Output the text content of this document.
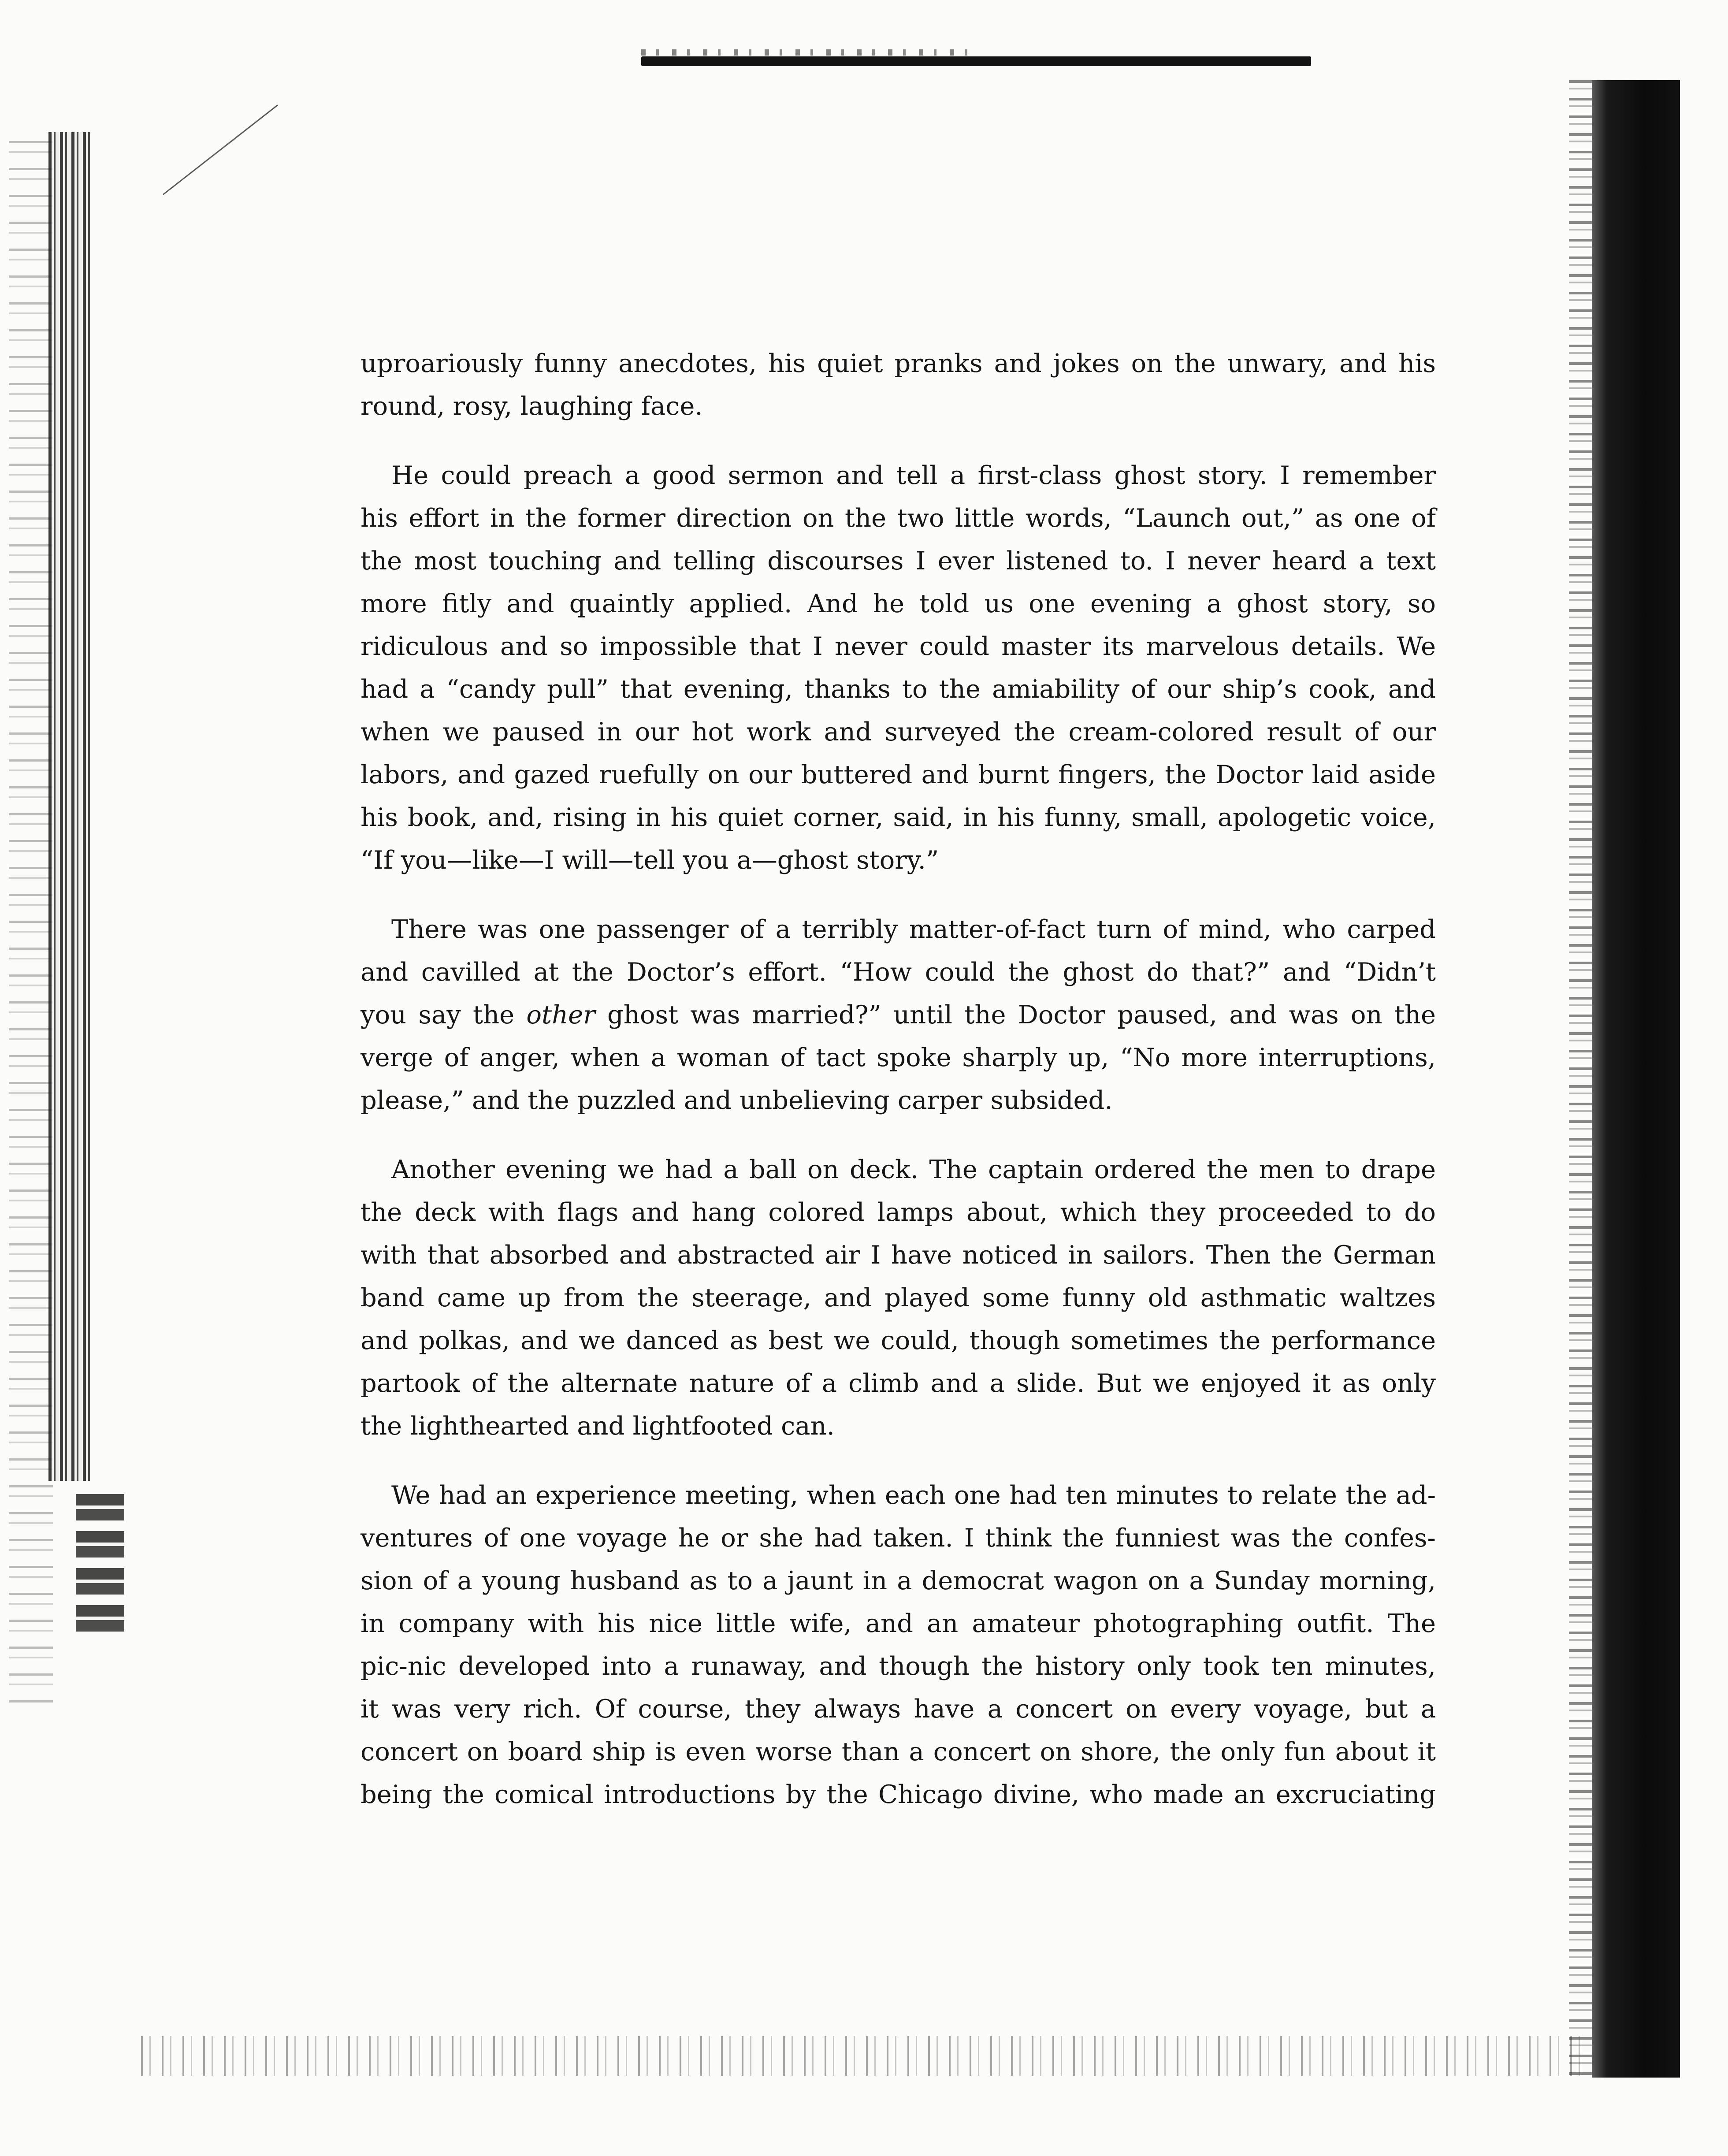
uproariously funny anecdotes, his quiet pranks and jokes on the unwary, and his
round, rosy, laughing face.
He could preach a good sermon and tell a first-class ghost story. I remember
his effort in the former direction on the two little words, “Launch out,” as one of
the most touching and telling discourses I ever listened to. I never heard a text
more fitly and quaintly applied. And he told us one evening a ghost story, so
ridiculous and so impossible that I never could master its marvelous details. We
had a “candy pull” that evening, thanks to the amiability of our ship’s cook, and
when we paused in our hot work and surveyed the cream-colored result of our
labors, and gazed ruefully on our buttered and burnt fingers, the Doctor laid aside
his book, and, rising in his quiet corner, said, in his funny, small, apologetic voice,
“If you—like—I will—tell you a—ghost story.”
There was one passenger of a terribly matter-of-fact turn of mind, who carped
and cavilled at the Doctor’s effort. “How could the ghost do that?” and “Didn’t
you say the other ghost was married?” until the Doctor paused, and was on the
verge of anger, when a woman of tact spoke sharply up, “No more interruptions,
please,” and the puzzled and unbelieving carper subsided.
Another evening we had a ball on deck. The captain ordered the men to drape
the deck with flags and hang colored lamps about, which they proceeded to do
with that absorbed and abstracted air I have noticed in sailors. Then the German
band came up from the steerage, and played some funny old asthmatic waltzes
and polkas, and we danced as best we could, though sometimes the performance
partook of the alternate nature of a climb and a slide. But we enjoyed it as only
the lighthearted and lightfooted can.
We had an experience meeting, when each one had ten minutes to relate the ad-
ventures of one voyage he or she had taken. I think the funniest was the confes-
sion of a young husband as to a jaunt in a democrat wagon on a Sunday morning,
in company with his nice little wife, and an amateur photographing outfit. The
pic-nic developed into a runaway, and though the history only took ten minutes,
it was very rich. Of course, they always have a concert on every voyage, but a
concert on board ship is even worse than a concert on shore, the only fun about it
being the comical introductions by the Chicago divine, who made an excruciating
